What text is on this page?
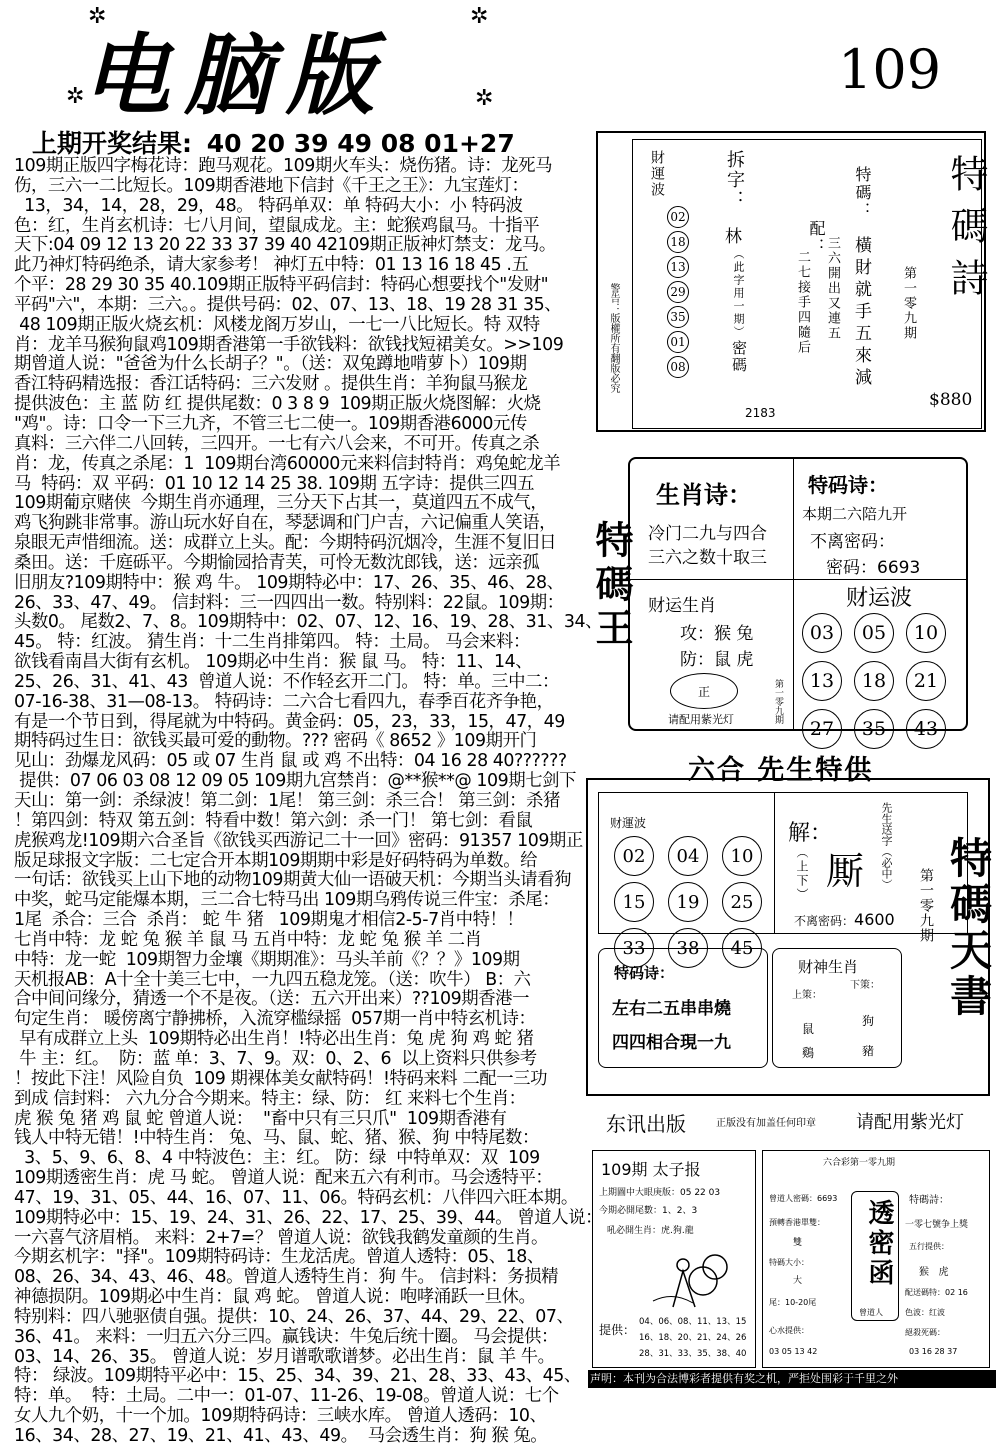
电脑版
✲
✲
✲
✲	109
上期开奖结果: 40 20 39 49 08 01+27

109期正版四字梅花诗：跑马观花。109期火车头：烧伤猪。诗：龙死马

伤，三六一二比短长。109期香港地下信封《千王之王》：九宝莲灯：

13，34，14，28，29，48。 特码单双：单 特码大小：小 特码波

色：红，生肖玄机诗：七八月间，望鼠成龙。主：蛇猴鸡鼠马。十指平

天下:04 09 12 13 20 22 33 37 39 40 42109期正版神灯禁支：龙马。

此乃神灯特码绝杀，请大家参考！ 神灯五中特：01 13 16 18 45 .五

个平：28 29 30 35 40.109期正版特平码信封：特码心想要找个"发财"

平码"六"，本期：三六。。提供号码：02、07、13、18、19 28 31 35、

48 109期正版火烧玄机：风楼龙阁万岁山，一七一八比短长。特 双特

肖：龙羊马猴狗鼠鸡109期香港第一手欲钱料：欲钱找短裙美女。>>109

期曾道人说："爸爸为什么长胡子？"。（送：双兔蹲地啃萝卜）109期

香江特码精选报：香江话特码：三六发财 。提供生肖：羊狗鼠马猴龙

提供波色：主 蓝 防 红 提供尾数：0 3 8 9  109期正版火烧图解：火烧

"鸡"。诗：口令一下三九齐，不管三七二使一。109期香港6000元传

真料：三六伴二八回转，三四开。一七有六八会来，不可开。传真之杀

肖：龙，传真之杀尾：1  109期台湾60000元来料信封特肖：鸡兔蛇龙羊

马  特码：双 平码：01 10 12 14 25 38. 109期 五字诗：提供三四五

109期葡京赌侠  今期生肖亦通理，三分天下占其一，莫道四五不成气，

鸡飞狗跳非常事。游山玩水好自在，琴瑟调和门户吉，六记偏重人笑语，

泉眼无声惜细流。送：成群立上头。配：今期特码沉烟冷，生涯不复旧日

桑田。送：千庭砾平。今期愉园拾青芙，可怜无数沈郎钱，送：远亲孤

旧朋友?109期特中：猴 鸡 牛。 109期特必中：17、26、35、46、28、

26、33、47、49。 信封料：三一四四出一数。特别料：22鼠。109期：

头数0。 尾数2、7、8。109期特中：02、07、12、16、19、28、31、34、

45。 特：红波。 猜生肖：十二生肖排第四。 特：土局。 马会来料：

欲钱看南昌大街有玄机。 109期必中生肖：猴 鼠 马。 特：11、14、

25、26、31、41、43  曾道人说：不作轻玄开二门。 特：单。三中二：

07-16-38、31—08-13。 特码诗：二六合七看四九，春季百花齐争艳，

有是一个节日到，得尾就为中特码。黄金码：05，23，33，15，47，49

期特码过生日：欲钱买最可爱的動物。??? 密码《 8652 》109期开门

见山：劲爆龙风码：05 或 07 生肖 鼠 或 鸡 不出特：04 16 28 40??????

提供：07 06 03 08 12 09 05 109期九宫禁肖：@**猴**@ 109期七剑下

天山：第一剑：杀绿波！第二剑：1尾！ 第三剑：杀三合！ 第三剑：杀猪

！第四剑：特双 第五剑：特看中数！第六剑：杀一门！ 第七剑：看鼠

虎猴鸡龙!109期六合圣旨《欲钱买西游记二十一回》密码：91357 109期正

版足球报文字版：二七定合开本期109期期中彩是好码特码为单数。给

一句话：欲钱买上山下地的动物109期黄大仙一语破天机：今期当头请看狗

中奖，蛇马定能爆本期，三二合七特马出 109期乌鸦传说三件宝：杀尾：

1尾  杀合：三合  杀肖： 蛇 牛 猪   109期鬼才相信2-5-7肖中特！！

七肖中特：龙 蛇 兔 猴 羊 鼠 马 五肖中特：龙 蛇 兔 猴 羊 二肖

中特：龙一蛇  109期智力金壤《期期准》：马头羊前《？？》109期

天机报AB：A十全十美三七中，一九四五稳龙笼。（送：吹牛） B：六

合中间问缘分，猜透一个不是夜。（送：五六开出来）??109期香港一

句定生肖： 暖傍离宁静拂桥，入流穿槛绿摇  057期一肖中特玄机诗：

早有成群立上头  109期特必出生肖！!特必出生肖：兔 虎 狗 鸡 蛇 猪

牛 主：红。  防：蓝 单：3、7、9。双：0、2、6  以上资料只供参考

！按此下注！风险自负  109 期裸体美女献特码！!特码来料 二配一三功

到成 信封料： 六九分合今期来。特主：绿、防： 红 来料七个生肖：

虎 猴 兔 猪 鸡 鼠 蛇 曾道人说：  "畜中只有三只爪"  109期香港有

钱人中特无错！!中特生肖： 兔、马、鼠、蛇、猪、猴、狗 中特尾数：

3、5、9、6、8、4 中特波色：主：红。 防：绿  中特单双：双  109

109期透密生肖：虎 马 蛇。 曾道人说：配来五六有利市。马会透特平：

47、19、31、05、44、16、07、11、06。特码玄机：八伴四六旺本期。

109期特必中：15、19、24、31、26、22、17、25、39、44。 曾道人说：

一六喜气济眉梢。 来料：2+7=？ 曾道人说：欲钱我鹤发童颜的生肖。

今期玄机字："择"。109期特码诗：生龙活虎。曾道人透特：05、18、

08、26、34、43、46、48。曾道人透特生肖：狗 牛。 信封料：务损精

神德损阴。109期必中生肖：鼠 鸡 蛇。 曾道人说：咆哮涌跃一旦休。

特别料：四八驰驱债自强。提供：10、24、26、37、44、29、22、07、

36、41。 来料：一归五六分三四。赢钱诀：牛兔后统十圈。 马会提供：

03、14、26、35。 曾道人说：岁月谱歌歌谱梦。必出生肖：鼠 羊 牛。

特： 绿波。109期特平必中：15、25、34、39、21、28、33、43、45、

特：单。  特：土局。二中一：01-07、11-26、19-08。曾道人说：七个

女人九个奶，十一个加。109期特码诗：三峡水库。 曾道人透码：10、

16、34、28、27、19、21、41、43、49。  马会透生肖：狗 猴 兔。

警告：版權所有翻版必究
財運波
02
18
13
29
35
01
08
拆字：
林
（此字用一期）
密碼
2183
配：
特碼：
三六開出又連五
二七接手四隨后 橫財就手五來減 第一零九期 特碼詩
$880
特碼王
生肖诗：
冷门二九与四合
三六之数十取三
特码诗：
本期二六陪九开
不离密码：
密码：6693
财运生肖
攻：猴 兔
防：鼠 虎
正	第一零九期
请配用紫光灯
财运波
03	05	10
13	18	21
27	35	43
六合 先生特供
财運波
02	04	10
15	19	25
33	38	45
解：
（上下） 厮 先生送字（必中）
不离密码：4600
特码诗：
左右二五串串燒
四四相合現一九
财神生肖
上策：
下策：
鼠
鷄
狗
豬
第一零九期 特碼天書
东讯出版	正版没有加盖任何印章 请配用紫光灯
109期 太子报
上期圖中大眼庚版：05 22 03
今期必開尾數：1、2、3
吼必開生肖：虎.狗.龍
提供：
04、06、08、11、13、15
16、18、20、21、24、26
28、31、33、35、38、40
六合彩第一零九期
透密函
曾道人
曾道人密碼：6693
預轉香港單雙：
雙
特碼大小：
大
尾：10-20尾
心水提供：
03 05 13 42
特碼詩：
一零七號争上獎
五行提供：
猴   虎
配送碼特：02 16
色波：红波
絕殺死碼：
03 16 28 37
声明：本刊为合法博彩者提供有奖之机，严拒处围彩于千里之外
